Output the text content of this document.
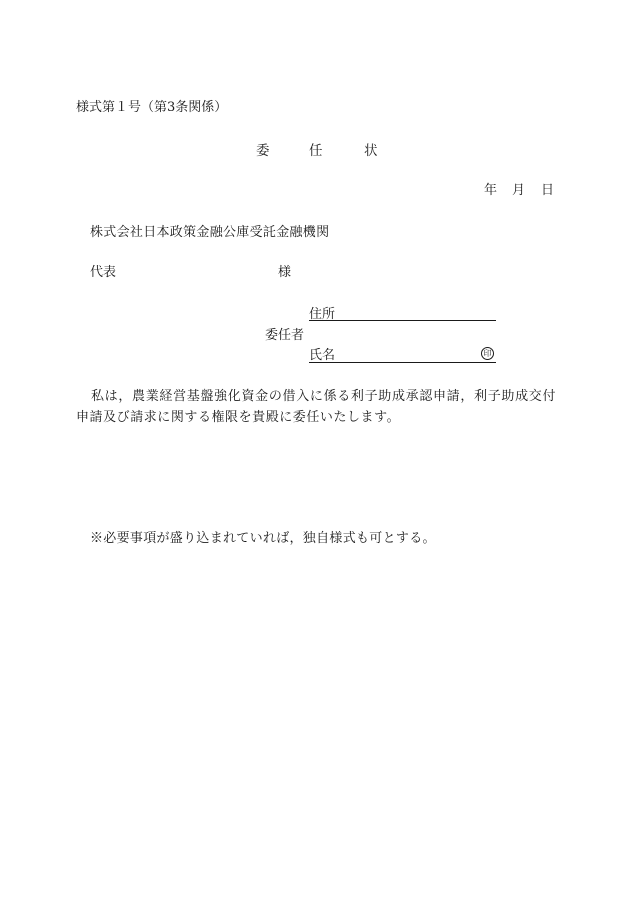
様式第１号（第3条関係）
委	任	状
年 月 日
株式会社日本政策金融公庫受託金融機関
代表	様
住所
委任者
氏名	印
私は，農業経営基盤強化資金の借入に係る利子助成承認申請，利子助成交付申請及び請求に関する権限を貴殿に委任いたします。
※必要事項が盛り込まれていれば，独自様式も可とする。
